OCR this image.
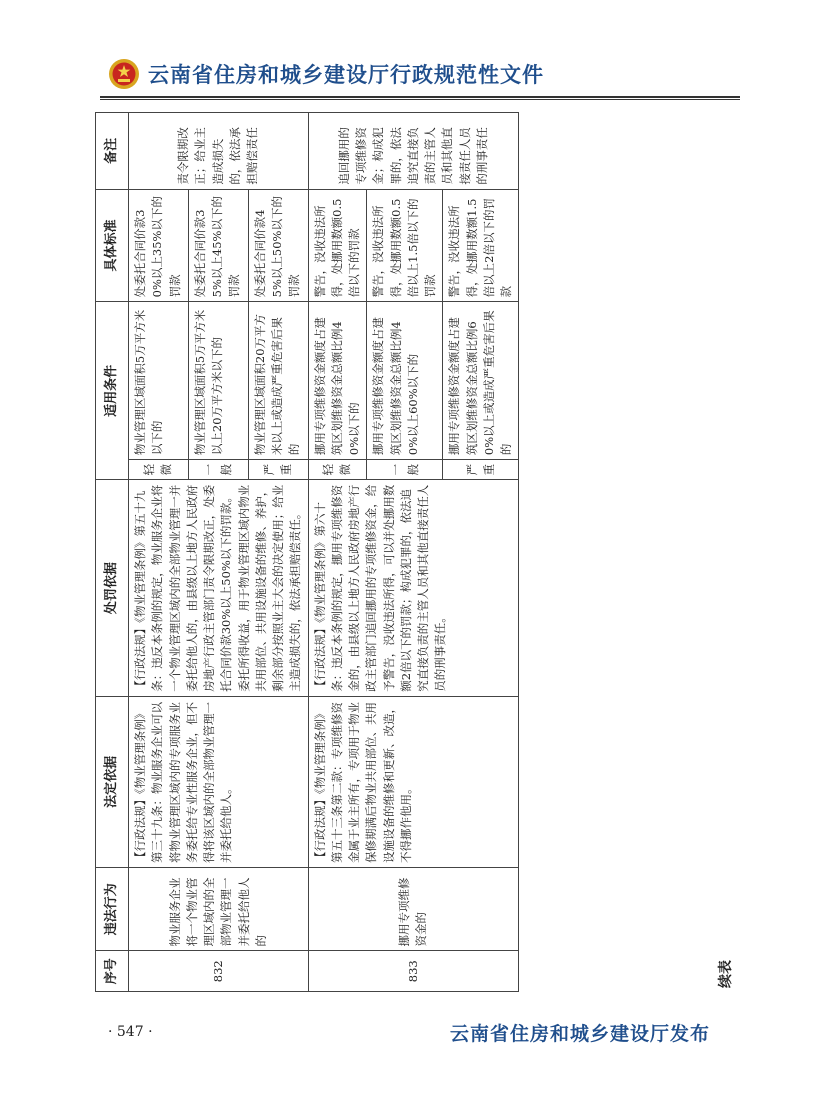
云南省住房和城乡建设厅行政规范性文件
序号	违法行为	法定依据	处罚依据	适用条件		具体标准	备注
832	物业服务企业将一个物业管理区域内的全部物业管理一并委托给他人的	【行政法规】《物业管理条例》第三十九条：物业服务企业可以将物业管理区域内的专项服务业务委托给专业性服务企业，但不得将该区域内的全部物业管理一并委托给他人。	【行政法规】《物业管理条例》第五十九条：违反本条例的规定，物业服务企业将一个物业管理区域内的全部物业管理一并委托给他人的，由县级以上地方人民政府房地产行政主管部门责令限期改正，处委托合同价款30%以上50%以下的罚款。委托所得收益，用于物业管理区域内物业共用部位、共用设施设备的维修、养护，剩余部分按照业主大会的决定使用；给业主造成损失的，依法承担赔偿责任。	轻微	物业管理区域面积5万平方米以下的	处委托合同价款30%以上35%以下的罚款	责令限期改正；给业主造成损失的，依法承担赔偿责任
				一般	物业管理区域面积5万平方米以上20万平方米以下的	处委托合同价款35%以上45%以下的罚款	
				严重	物业管理区域面积20万平方米以上或造成严重危害后果的	处委托合同价款45%以上50%以下的罚款	
833	挪用专项维修资金的	【行政法规】《物业管理条例》第五十三条第二款：专项维修资金属于业主所有，专项用于物业保修期满后物业共用部位、共用设施设备的维修和更新、改造，不得挪作他用。	【行政法规】《物业管理条例》第六十条：违反本条例的规定，挪用专项维修资金的，由县级以上地方人民政府房地产行政主管部门追回挪用的专项维修资金，给予警告，没收违法所得，可以并处挪用数额2倍以下的罚款；构成犯罪的，依法追究直接负责的主管人员和其他直接责任人员的刑事责任。	轻微	挪用专项维修资金额度占建筑区划维修资金总额比例40%以下的	警告，没收违法所得，处挪用数额0.5倍以下的罚款	追回挪用的专项维修资金；构成犯罪的，依法追究直接负责的主管人员和其他直接责任人员的刑事责任
				一般	挪用专项维修资金额度占建筑区划维修资金总额比例40%以上60%以下的	警告，没收违法所得，处挪用数额0.5倍以上1.5倍以下的罚款	
				严重	挪用专项维修资金额度占建筑区划维修资金总额比例60%以上或造成严重危害后果的	警告，没收违法所得，处挪用数额1.5倍以上2倍以下的罚款	
续表
· 547 ·	云南省住房和城乡建设厅发布
